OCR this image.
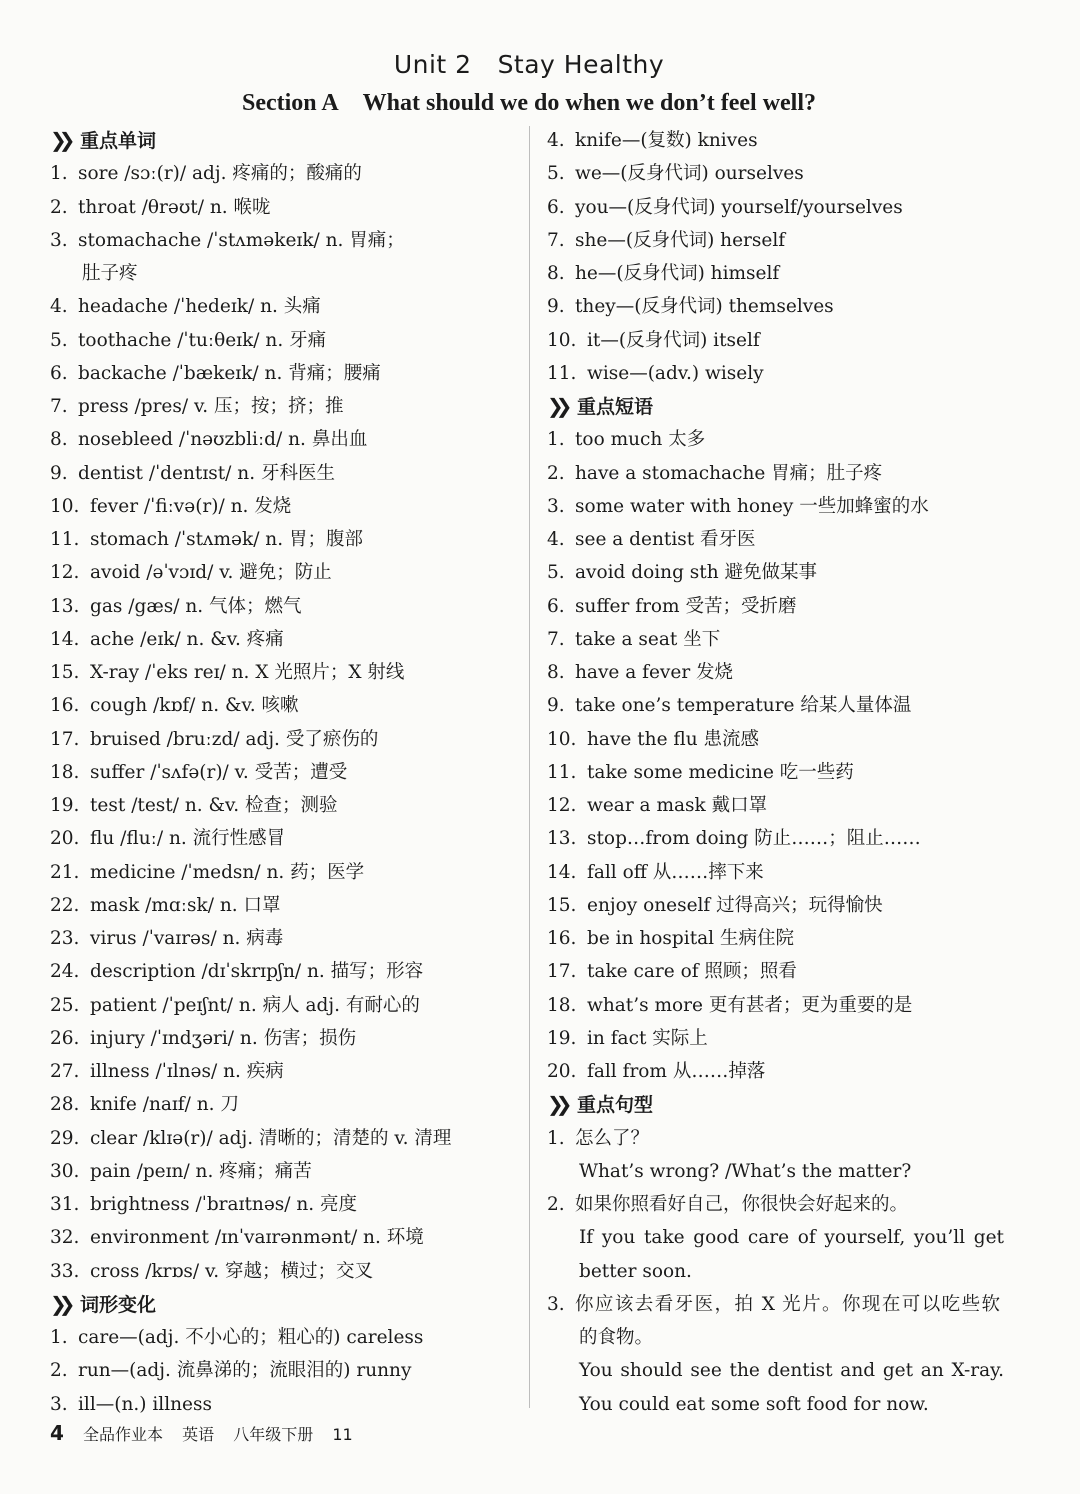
Unit 2 Stay Healthy
Section A What should we do when we don’t feel well?
❯❯ 重点单词
1. sore /sɔː(r)/ adj. 疼痛的；酸痛的
2. throat /θrəʊt/ n. 喉咙
3. stomachache /ˈstʌməkeɪk/ n. 胃痛；
肚子疼
4. headache /ˈhedeɪk/ n. 头痛
5. toothache /ˈtuːθeɪk/ n. 牙痛
6. backache /ˈbækeɪk/ n. 背痛；腰痛
7. press /pres/ v. 压；按；挤；推
8. nosebleed /ˈnəʊzbliːd/ n. 鼻出血
9. dentist /ˈdentɪst/ n. 牙科医生
10. fever /ˈfiːvə(r)/ n. 发烧
11. stomach /ˈstʌmək/ n. 胃；腹部
12. avoid /əˈvɔɪd/ v. 避免；防止
13. gas /gæs/ n. 气体；燃气
14. ache /eɪk/ n. &v. 疼痛
15. X-ray /ˈeks reɪ/ n. X 光照片；X 射线
16. cough /kɒf/ n. &v. 咳嗽
17. bruised /bruːzd/ adj. 受了瘀伤的
18. suffer /ˈsʌfə(r)/ v. 受苦；遭受
19. test /test/ n. &v. 检查；测验
20. flu /fluː/ n. 流行性感冒
21. medicine /ˈmedsn/ n. 药；医学
22. mask /mɑːsk/ n. 口罩
23. virus /ˈvaɪrəs/ n. 病毒
24. description /dɪˈskrɪpʃn/ n. 描写；形容
25. patient /ˈpeɪʃnt/ n. 病人 adj. 有耐心的
26. injury /ˈɪndʒəri/ n. 伤害；损伤
27. illness /ˈɪlnəs/ n. 疾病
28. knife /naɪf/ n. 刀
29. clear /klɪə(r)/ adj. 清晰的；清楚的 v. 清理
30. pain /peɪn/ n. 疼痛；痛苦
31. brightness /ˈbraɪtnəs/ n. 亮度
32. environment /ɪnˈvaɪrənmənt/ n. 环境
33. cross /krɒs/ v. 穿越；横过；交叉
❯❯ 词形变化
1. care—(adj. 不小心的；粗心的) careless
2. run—(adj. 流鼻涕的；流眼泪的) runny
3. ill—(n.) illness
4. knife—(复数) knives
5. we—(反身代词) ourselves
6. you—(反身代词) yourself/yourselves
7. she—(反身代词) herself
8. he—(反身代词) himself
9. they—(反身代词) themselves
10. it—(反身代词) itself
11. wise—(adv.) wisely
❯❯ 重点短语
1. too much 太多
2. have a stomachache 胃痛；肚子疼
3. some water with honey 一些加蜂蜜的水
4. see a dentist 看牙医
5. avoid doing sth 避免做某事
6. suffer from 受苦；受折磨
7. take a seat 坐下
8. have a fever 发烧
9. take one’s temperature 给某人量体温
10. have the flu 患流感
11. take some medicine 吃一些药
12. wear a mask 戴口罩
13. stop…from doing 防止……；阻止……
14. fall off 从……摔下来
15. enjoy oneself 过得高兴；玩得愉快
16. be in hospital 生病住院
17. take care of 照顾；照看
18. what’s more 更有甚者；更为重要的是
19. in fact 实际上
20. fall from 从……掉落
❯❯ 重点句型
1. 怎么了？
What’s wrong? /What’s the matter?
2. 如果你照看好自己，你很快会好起来的。
If you take good care of yourself, you’ll get
better soon.
3. 你应该去看牙医，拍 X 光片。你现在可以吃些软
的食物。
You should see the dentist and get an X-ray.
You could eat some soft food for now.
4 全品作业本 英语 八年级下册 11
